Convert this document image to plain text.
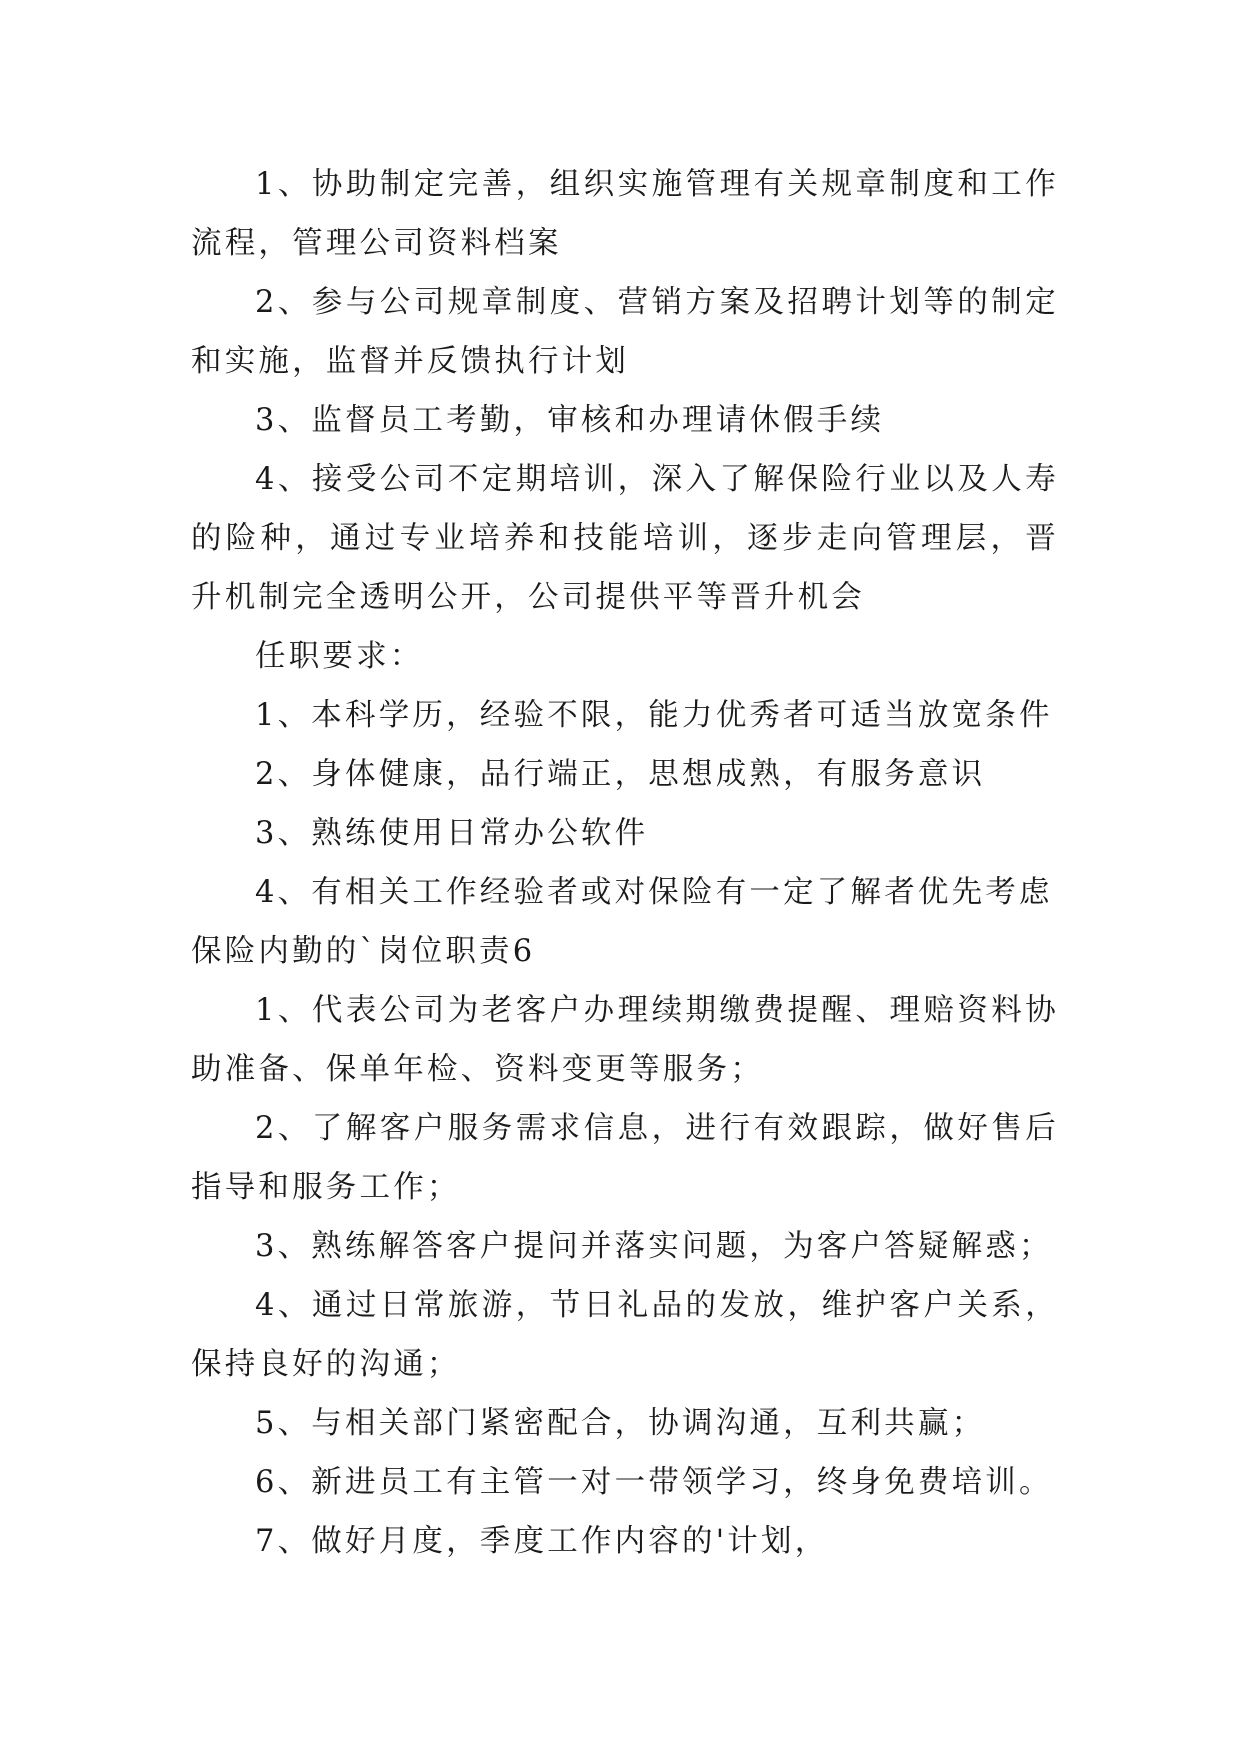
1、协助制定完善，组织实施管理有关规章制度和工作流程，管理公司资料档案

2、参与公司规章制度、营销方案及招聘计划等的制定和实施，监督并反馈执行计划

3、监督员工考勤，审核和办理请休假手续

4、接受公司不定期培训，深入了解保险行业以及人寿的险种，通过专业培养和技能培训，逐步走向管理层，晋升机制完全透明公开，公司提供平等晋升机会

任职要求：

1、本科学历，经验不限，能力优秀者可适当放宽条件

2、身体健康，品行端正，思想成熟，有服务意识

3、熟练使用日常办公软件

4、有相关工作经验者或对保险有一定了解者优先考虑

保险内勤的`岗位职责6

1、代表公司为老客户办理续期缴费提醒、理赔资料协助准备、保单年检、资料变更等服务；

2、了解客户服务需求信息，进行有效跟踪，做好售后指导和服务工作；

3、熟练解答客户提问并落实问题，为客户答疑解惑；

4、通过日常旅游，节日礼品的发放，维护客户关系，保持良好的沟通；

5、与相关部门紧密配合，协调沟通，互利共赢；

6、新进员工有主管一对一带领学习，终身免费培训。

7、做好月度，季度工作内容的'计划，
